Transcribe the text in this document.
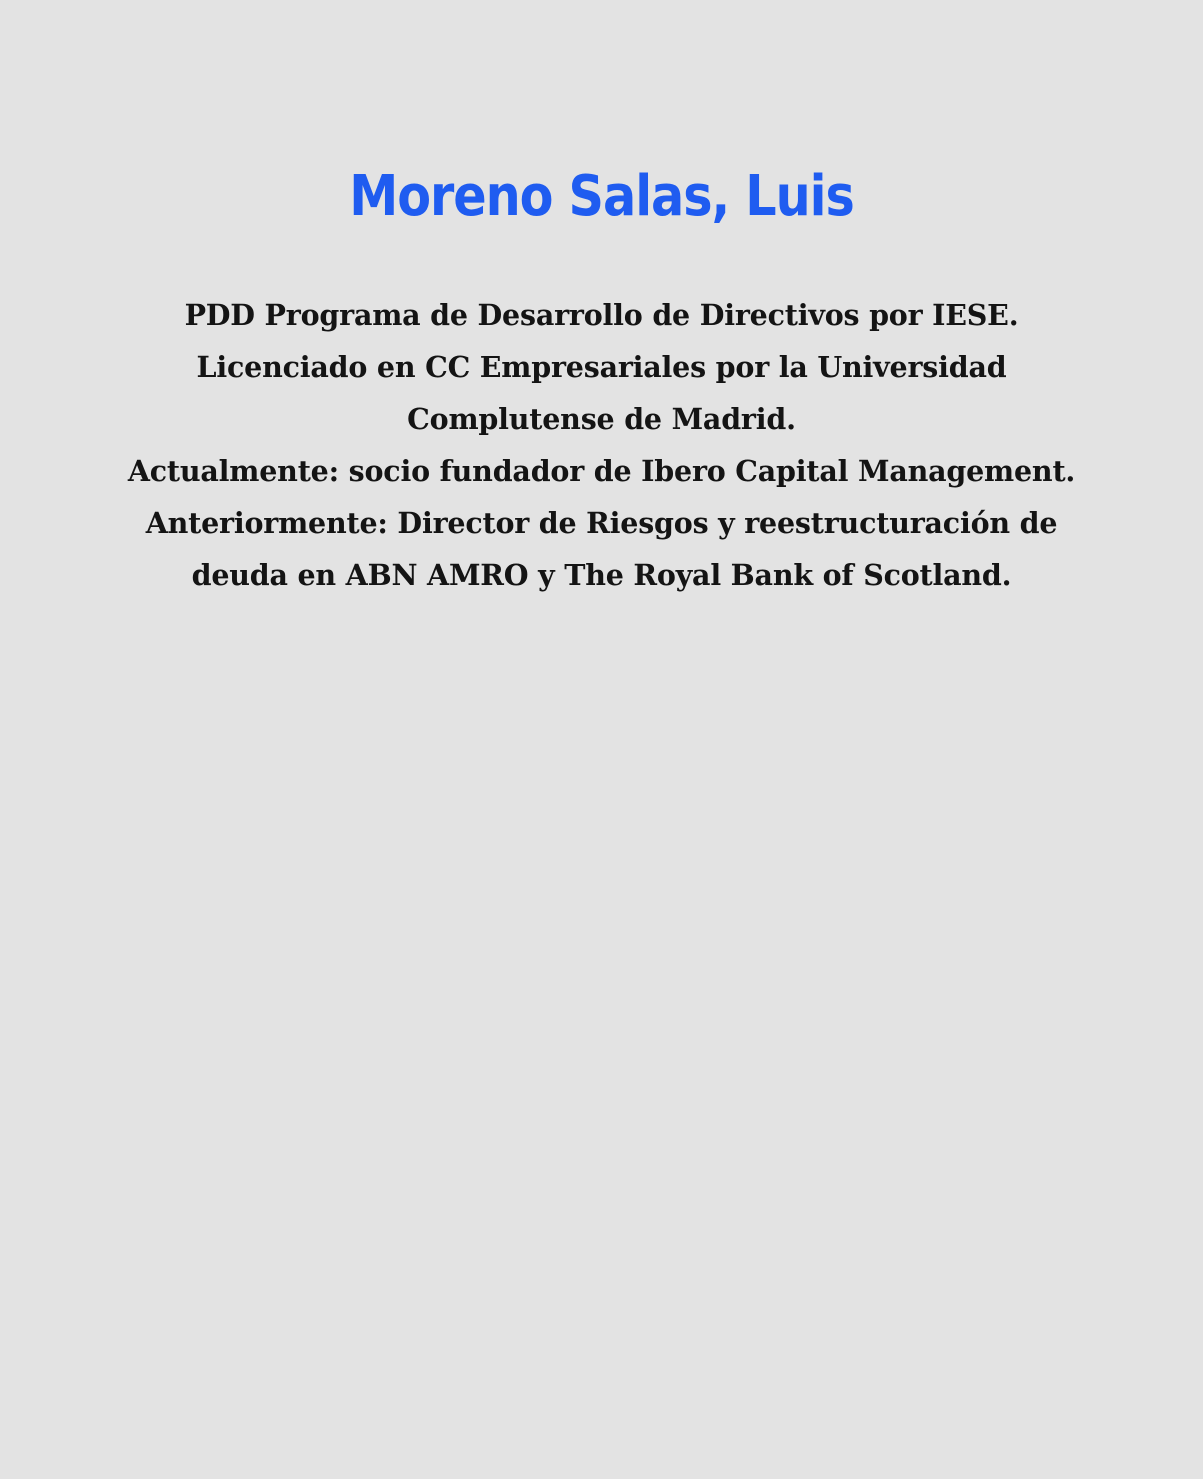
Moreno Salas, Luis

PDD Programa de Desarrollo de Directivos por IESE.
Licenciado en CC Empresariales por la Universidad
Complutense de Madrid.
Actualmente: socio fundador de Ibero Capital Management.
Anteriormente: Director de Riesgos y reestructuración de
deuda en ABN AMRO y The Royal Bank of Scotland.
